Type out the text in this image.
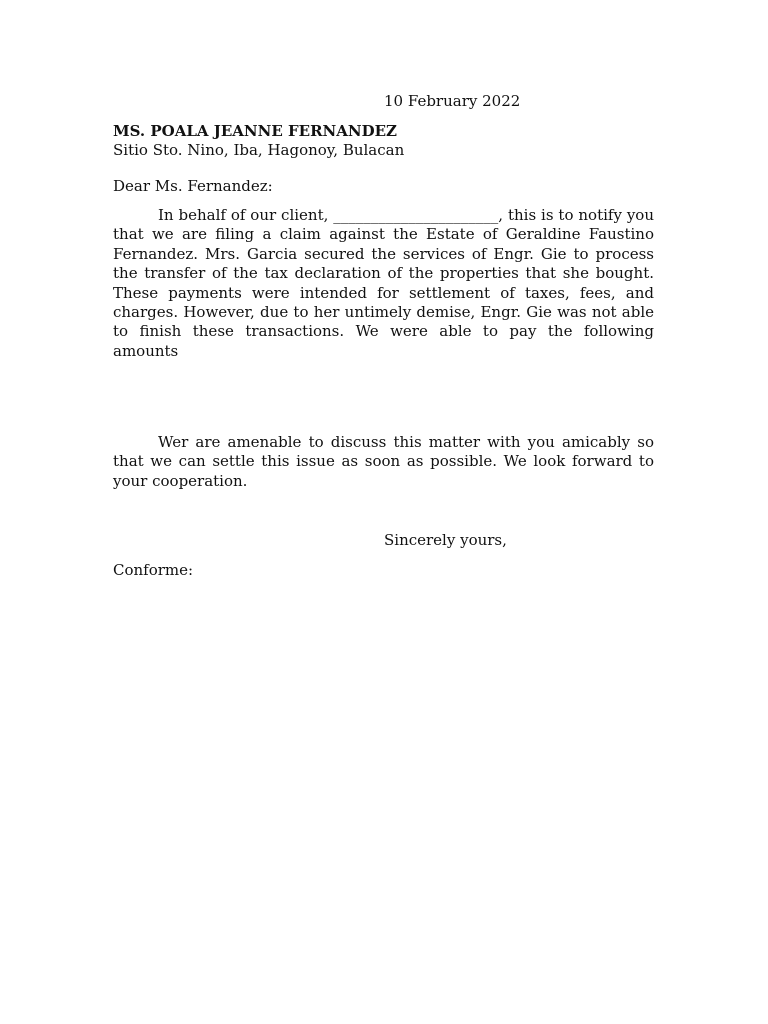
10 February 2022
MS. POALA JEANNE FERNANDEZ
Sitio Sto. Nino, Iba, Hagonoy, Bulacan
Dear Ms. Fernandez:

In behalf of our client, ______________________, this is to notify you that we are filing a claim against the Estate of Geraldine Faustino Fernandez. Mrs. Garcia secured the services of Engr. Gie to process the transfer of the tax declaration of the properties that she bought. These payments were intended for settlement of taxes, fees, and charges. However, due to her untimely demise, Engr. Gie was not able to finish these transactions. We were able to pay the following amounts

Wer are amenable to discuss this matter with you amicably so that we can settle this issue as soon as possible. We look forward to your cooperation.

Sincerely yours,
Conforme:
